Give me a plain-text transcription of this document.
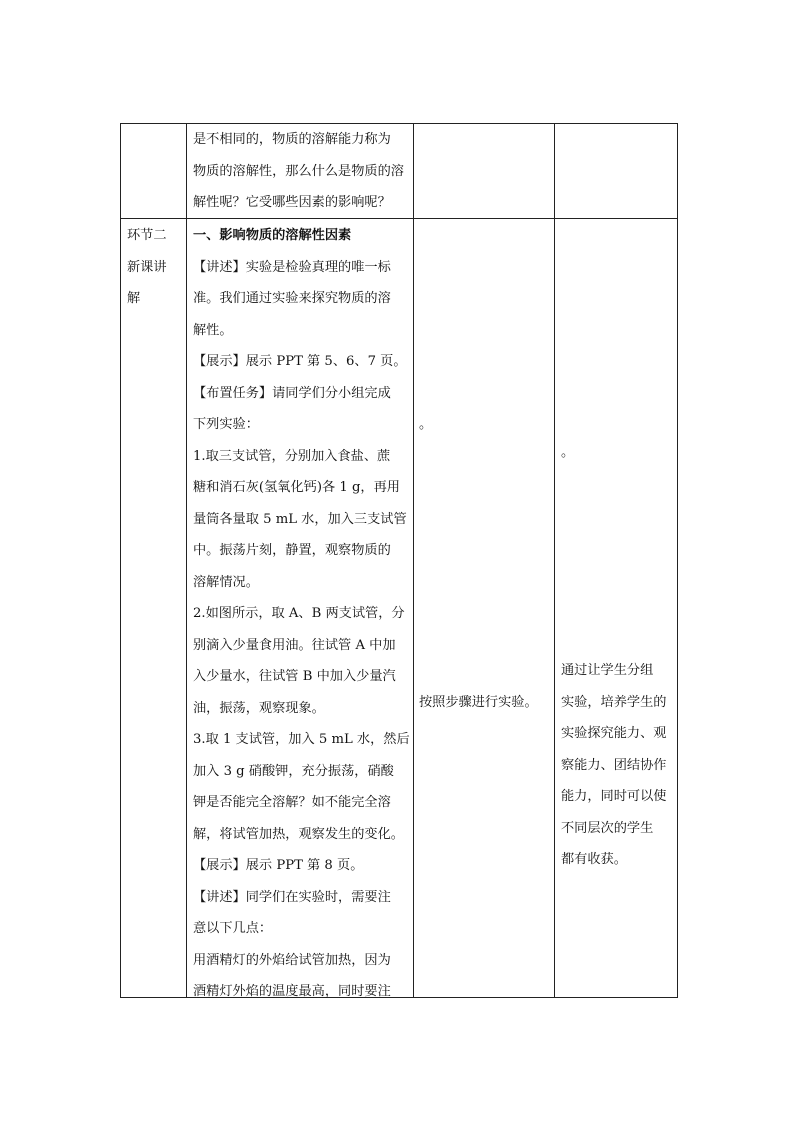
是不相同的，物质的溶解能力称为

物质的溶解性，那么什么是物质的溶

解性呢？它受哪些因素的影响呢？

环节二

新课讲

解

一、影响物质的溶解性因素

【讲述】实验是检验真理的唯一标

准。我们通过实验来探究物质的溶

解性。

【展示】展示 PPT 第 5、6、7 页。

【布置任务】请同学们分小组完成

下列实验：

1.取三支试管，分别加入食盐、蔗

糖和消石灰(氢氧化钙)各 1 g，再用

量筒各量取 5 mL 水，加入三支试管

中。振荡片刻，静置，观察物质的

溶解情况。

2.如图所示，取 A、B 两支试管，分

别滴入少量食用油。往试管 A 中加

入少量水，往试管 B 中加入少量汽

油，振荡，观察现象。

3.取 1 支试管，加入 5 mL 水，然后

加入 3 g 硝酸钾，充分振荡，硝酸

钾是否能完全溶解？如不能完全溶

解，将试管加热，观察发生的变化。

【展示】展示 PPT 第 8 页。

【讲述】同学们在实验时，需要注

意以下几点：

用酒精灯的外焰给试管加热，因为

酒精灯外焰的温度最高，同时要注

。

按照步骤进行实验。

。

通过让学生分组

实验，培养学生的

实验探究能力、观

察能力、团结协作

能力，同时可以使

不同层次的学生

都有收获。
